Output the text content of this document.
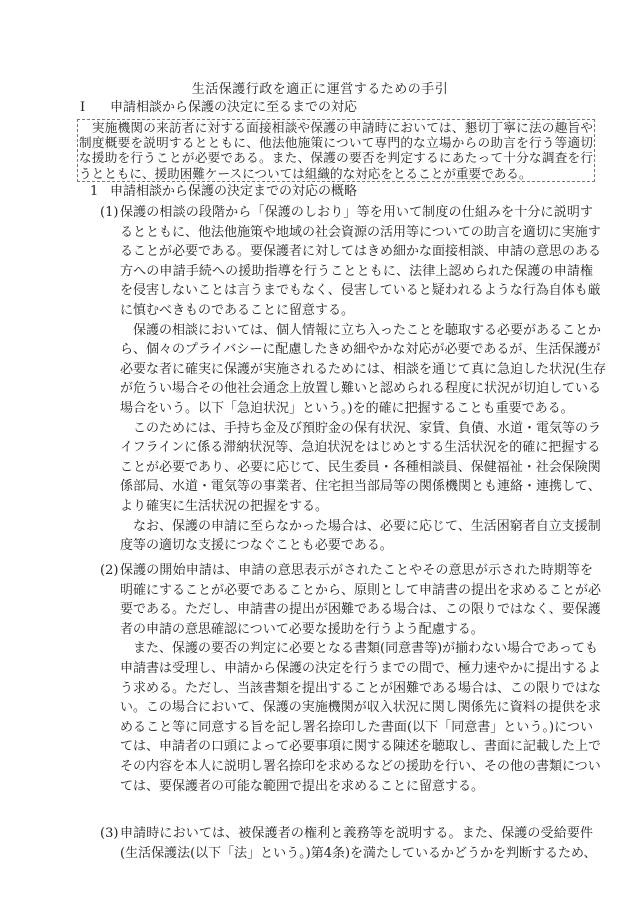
生活保護行政を適正に運営するための手引
Ⅰ 申請相談から保護の決定に至るまでの対応
　実施機関の来訪者に対する面接相談や保護の申請時においては、懇切丁寧に法の趣旨や
制度概要を説明するとともに、他法他施策について専門的な立場からの助言を行う等適切
な援助を行うことが必要である。また、保護の要否を判定するにあたって十分な調査を行
うとともに、援助困難ケースについては組織的な対応をとることが重要である。
1 申請相談から保護の決定までの対応の概略
(1) 保護の相談の段階から「保護のしおり」等を用いて制度の仕組みを十分に説明す
るとともに、他法他施策や地域の社会資源の活用等についての助言を適切に実施す
ることが必要である。要保護者に対してはきめ細かな面接相談、申請の意思のある
方への申請手続への援助指導を行うことともに、法律上認められた保護の申請権
を侵害しないことは言うまでもなく、侵害していると疑われるような行為自体も厳
に慎むべきものであることに留意する。
　保護の相談においては、個人情報に立ち入ったことを聴取する必要があることか
ら、個々のプライバシーに配慮したきめ細やかな対応が必要であるが、生活保護が
必要な者に確実に保護が実施されるためには、相談を通じて真に急迫した状況(生存
が危うい場合その他社会通念上放置し難いと認められる程度に状況が切迫している
場合をいう。以下「急迫状況」という。)を的確に把握することも重要である。
　このためには、手持ち金及び預貯金の保有状況、家賃、負債、水道・電気等のラ
イフラインに係る滞納状況等、急迫状況をはじめとする生活状況を的確に把握する
ことが必要であり、必要に応じて、民生委員・各種相談員、保健福祉・社会保険関
係部局、水道・電気等の事業者、住宅担当部局等の関係機関とも連絡・連携して、
より確実に生活状況の把握をする。
　なお、保護の申請に至らなかった場合は、必要に応じて、生活困窮者自立支援制
度等の適切な支援につなぐことも必要である。
(2) 保護の開始申請は、申請の意思表示がされたことやその意思が示された時期等を
明確にすることが必要であることから、原則として申請書の提出を求めることが必
要である。ただし、申請書の提出が困難である場合は、この限りではなく、要保護
者の申請の意思確認について必要な援助を行うよう配慮する。
　また、保護の要否の判定に必要となる書類(同意書等)が揃わない場合であっても
申請書は受理し、申請から保護の決定を行うまでの間で、極力速やかに提出するよ
う求める。ただし、当該書類を提出することが困難である場合は、この限りではな
い。この場合において、保護の実施機関が収入状況に関し関係先に資料の提供を求
めること等に同意する旨を記し署名捺印した書面(以下「同意書」という。)につい
ては、申請者の口頭によって必要事項に関する陳述を聴取し、書面に記載した上で
その内容を本人に説明し署名捺印を求めるなどの援助を行い、その他の書類につい
ては、要保護者の可能な範囲で提出を求めることに留意する。
(3) 申請時においては、被保護者の権利と義務等を説明する。また、保護の受給要件
(生活保護法(以下「法」という。)第4条)を満たしているかどうかを判断するため、
